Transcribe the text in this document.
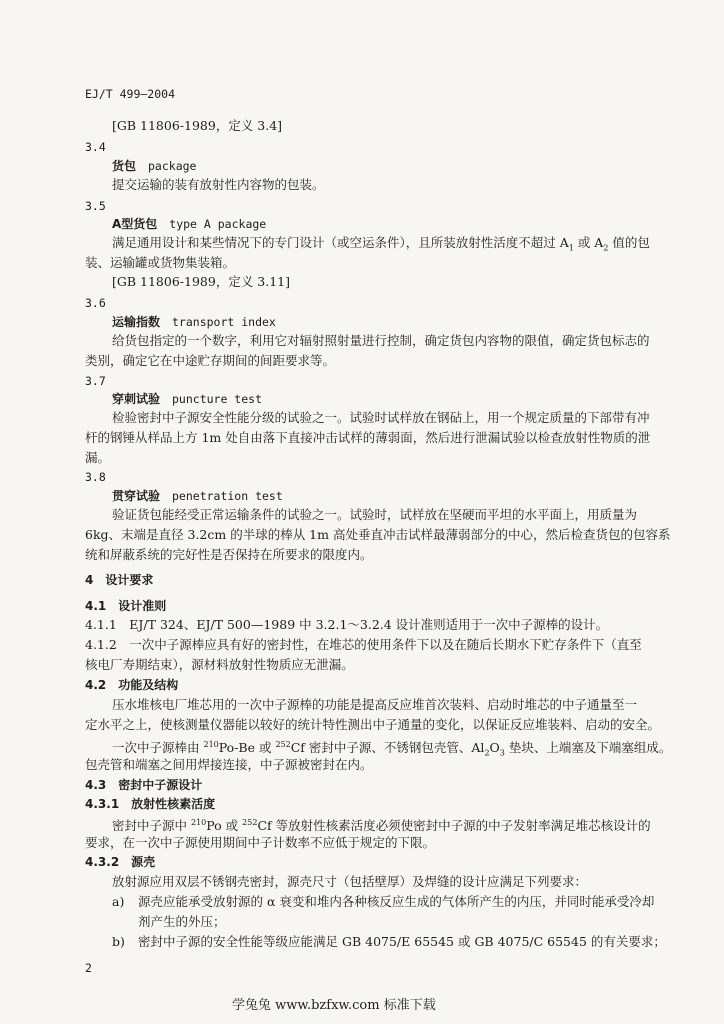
EJ/T 499—2004
[GB 11806-1989，定义 3.4]
3.4
货包 package
提交运输的装有放射性内容物的包装。
3.5
A型货包 type A package
满足通用设计和某些情况下的专门设计（或空运条件），且所装放射性活度不超过 $A_1$ 或 $A_2$ 值的包
装、运输罐或货物集装箱。
[GB 11806-1989，定义 3.11]
3.6
运输指数 transport index
给货包指定的一个数字，利用它对辐射照射量进行控制，确定货包内容物的限值，确定货包标志的
类别，确定它在中途贮存期间的间距要求等。
3.7
穿刺试验 puncture test
检验密封中子源安全性能分级的试验之一。试验时试样放在钢砧上，用一个规定质量的下部带有冲
杆的钢锤从样品上方 1m 处自由落下直接冲击试样的薄弱面，然后进行泄漏试验以检查放射性物质的泄
漏。
3.8
贯穿试验 penetration test
验证货包能经受正常运输条件的试验之一。试验时，试样放在坚硬而平坦的水平面上，用质量为
6kg、末端是直径 3.2cm 的半球的棒从 1m 高处垂直冲击试样最薄弱部分的中心，然后检查货包的包容系
统和屏蔽系统的完好性是否保持在所要求的限度内。
4　设计要求
4.1　设计准则
4.1.1　EJ/T 324、EJ/T 500—1989 中 3.2.1～3.2.4 设计准则适用于一次中子源棒的设计。
4.1.2　一次中子源棒应具有好的密封性，在堆芯的使用条件下以及在随后长期水下贮存条件下（直至
核电厂寿期结束），源材料放射性物质应无泄漏。
4.2　功能及结构
压水堆核电厂堆芯用的一次中子源棒的功能是提高反应堆首次装料、启动时堆芯的中子通量至一
定水平之上，使核测量仪器能以较好的统计特性测出中子通量的变化，以保证反应堆装料、启动的安全。
一次中子源棒由 $^{210}$Po-Be 或 $^{252}$Cf 密封中子源、不锈钢包壳管、$Al_2O_3$ 垫块、上端塞及下端塞组成。
包壳管和端塞之间用焊接连接，中子源被密封在内。
4.3　密封中子源设计
4.3.1　放射性核素活度
密封中子源中 $^{210}$Po 或 $^{252}$Cf 等放射性核素活度必须使密封中子源的中子发射率满足堆芯核设计的
要求，在一次中子源使用期间中子计数率不应低于规定的下限。
4.3.2　源壳
放射源应用双层不锈钢壳密封，源壳尺寸（包括壁厚）及焊缝的设计应满足下列要求：
a) 源壳应能承受放射源的 α 衰变和堆内各种核反应生成的气体所产生的内压，并同时能承受冷却
剂产生的外压；
b) 密封中子源的安全性能等级应能满足 GB 4075/E 65545 或 GB 4075/C 65545 的有关要求；
2
学兔兔 www.bzfxw.com 标准下载
